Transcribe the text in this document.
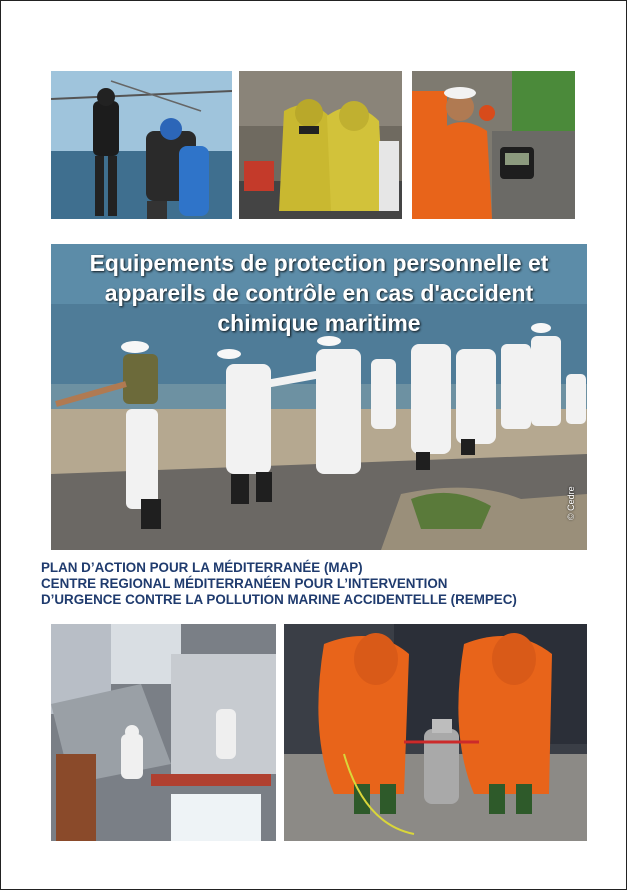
Equipements de protection personnelle et
appareils de contrôle en cas d'accident
chimique maritime
© Cedre
PLAN D’ACTION POUR LA MÉDITERRANÉE (MAP)
CENTRE REGIONAL MÉDITERRANÉEN POUR L’INTERVENTION
D’URGENCE CONTRE LA POLLUTION MARINE ACCIDENTELLE (REMPEC)
